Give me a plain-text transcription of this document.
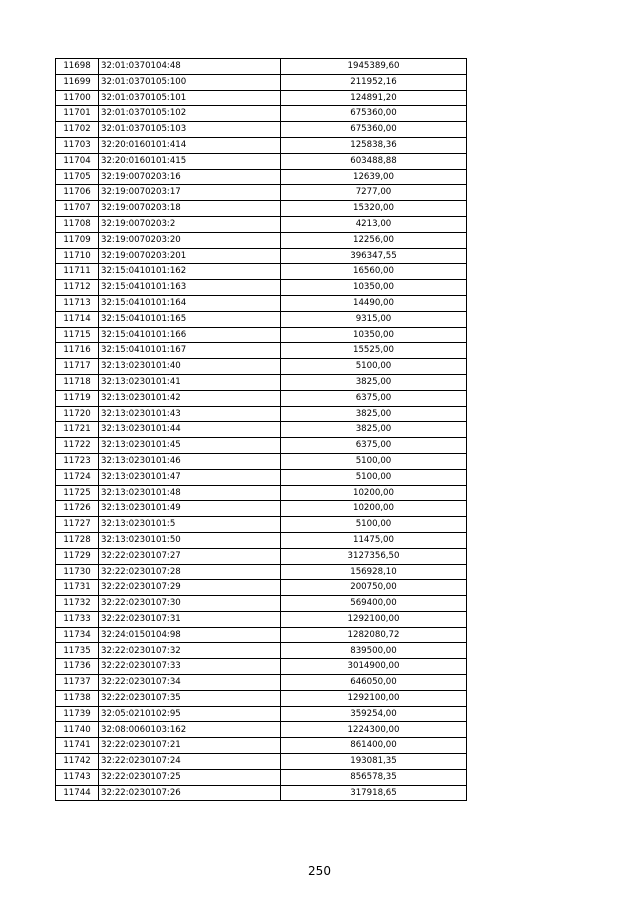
11698	32:01:0370104:48	1945389,60
11699	32:01:0370105:100	211952,16
11700	32:01:0370105:101	124891,20
11701	32:01:0370105:102	675360,00
11702	32:01:0370105:103	675360,00
11703	32:20:0160101:414	125838,36
11704	32:20:0160101:415	603488,88
11705	32:19:0070203:16	12639,00
11706	32:19:0070203:17	7277,00
11707	32:19:0070203:18	15320,00
11708	32:19:0070203:2	4213,00
11709	32:19:0070203:20	12256,00
11710	32:19:0070203:201	396347,55
11711	32:15:0410101:162	16560,00
11712	32:15:0410101:163	10350,00
11713	32:15:0410101:164	14490,00
11714	32:15:0410101:165	9315,00
11715	32:15:0410101:166	10350,00
11716	32:15:0410101:167	15525,00
11717	32:13:0230101:40	5100,00
11718	32:13:0230101:41	3825,00
11719	32:13:0230101:42	6375,00
11720	32:13:0230101:43	3825,00
11721	32:13:0230101:44	3825,00
11722	32:13:0230101:45	6375,00
11723	32:13:0230101:46	5100,00
11724	32:13:0230101:47	5100,00
11725	32:13:0230101:48	10200,00
11726	32:13:0230101:49	10200,00
11727	32:13:0230101:5	5100,00
11728	32:13:0230101:50	11475,00
11729	32:22:0230107:27	3127356,50
11730	32:22:0230107:28	156928,10
11731	32:22:0230107:29	200750,00
11732	32:22:0230107:30	569400,00
11733	32:22:0230107:31	1292100,00
11734	32:24:0150104:98	1282080,72
11735	32:22:0230107:32	839500,00
11736	32:22:0230107:33	3014900,00
11737	32:22:0230107:34	646050,00
11738	32:22:0230107:35	1292100,00
11739	32:05:0210102:95	359254,00
11740	32:08:0060103:162	1224300,00
11741	32:22:0230107:21	861400,00
11742	32:22:0230107:24	193081,35
11743	32:22:0230107:25	856578,35
11744	32:22:0230107:26	317918,65
250
